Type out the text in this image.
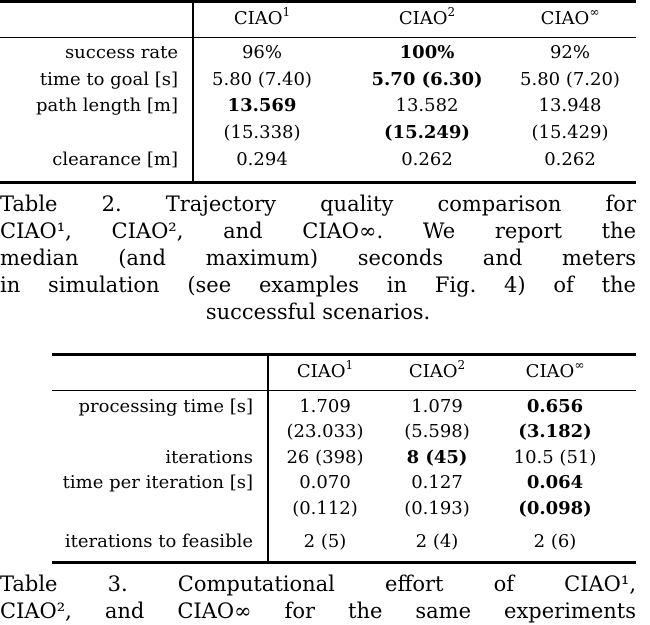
CIAO$^1$	CIAO$^2$	CIAO∞
success rate	96%	100%	92%
time to goal [s]	5.80 (7.40)	5.70 (6.30)	5.80 (7.20)
path length [m]	13.569	13.582	13.948
(15.338)	(15.249)	(15.429)
clearance [m]	0.294	0.262	0.262
Table 2. Trajectory quality comparison for
CIAO¹, CIAO², and CIAO∞. We report the
median (and maximum) seconds and meters
in simulation (see examples in Fig. 4) of the
successful scenarios.
CIAO$^1$	CIAO$^2$	CIAO∞
processing time [s]	1.709	1.079	0.656
(23.033)	(5.598)	(3.182)
iterations	26 (398)	8 (45)	10.5 (51)
time per iteration [s]	0.070	0.127	0.064
(0.112)	(0.193)	(0.098)
iterations to feasible	2 (5)	2 (4)	2 (6)
Table 3. Computational effort of CIAO¹,
CIAO², and CIAO∞ for the same experiments
